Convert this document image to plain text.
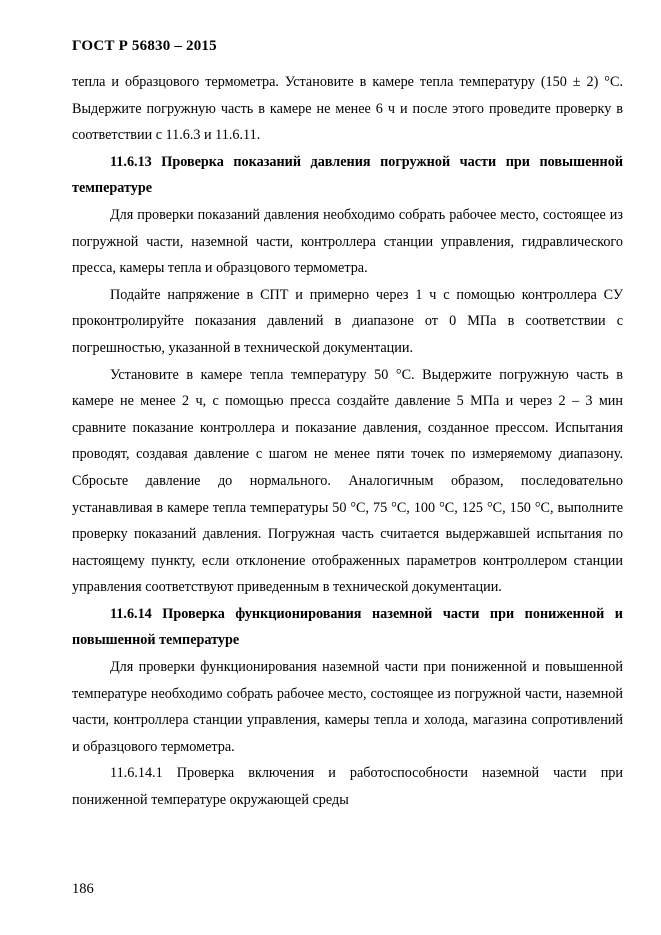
ГОСТ Р 56830 – 2015

тепла и образцового термометра. Установите в камере тепла температуру (150 ± 2) °С. Выдержите погружную часть в камере не менее 6 ч и после этого проведите проверку в соответствии с 11.6.3 и 11.6.11.

11.6.13 Проверка показаний давления погружной части при повышенной температуре

Для проверки показаний давления необходимо собрать рабочее место, состоящее из погружной части, наземной части, контроллера станции управления, гидравлического пресса, камеры тепла и образцового термометра.

Подайте напряжение в СПТ и примерно через 1 ч с помощью контроллера СУ проконтролируйте показания давлений в диапазоне от 0 МПа в соответствии с погрешностью, указанной в технической документации.

Установите в камере тепла температуру 50 °С. Выдержите погружную часть в камере не менее 2 ч, с помощью пресса создайте давление 5 МПа и через 2 – 3 мин сравните показание контроллера и показание давления, созданное прессом. Испытания проводят, создавая давление с шагом не менее пяти точек по измеряемому диапазону. Сбросьте давление до нормального. Аналогичным образом, последовательно устанавливая в камере тепла температуры 50 °С, 75 °С, 100 °С, 125 °С, 150 °С, выполните проверку показаний давления. Погружная часть считается выдержавшей испытания по настоящему пункту, если отклонение отображенных параметров контроллером станции управления соответствуют приведенным в технической документации.

11.6.14 Проверка функционирования наземной части при пониженной и повышенной температуре

Для проверки функционирования наземной части при пониженной и повышенной температуре необходимо собрать рабочее место, состоящее из погружной части, наземной части, контроллера станции управления, камеры тепла и холода, магазина сопротивлений и образцового термометра.

11.6.14.1 Проверка включения и работоспособности наземной части при пониженной температуре окружающей среды

186
